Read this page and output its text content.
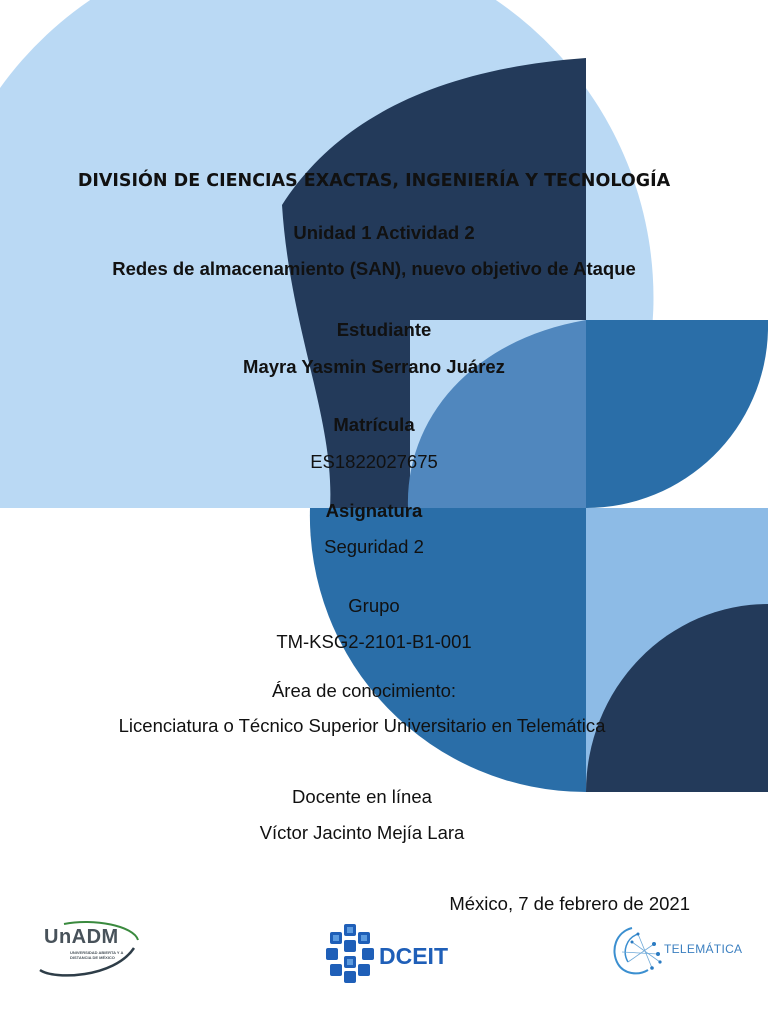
DIVISIÓN DE CIENCIAS EXACTAS, INGENIERÍA Y TECNOLOGÍA
Unidad 1 Actividad 2
Redes de almacenamiento (SAN), nuevo objetivo de Ataque
Estudiante
Mayra Yasmin Serrano Juárez
Matrícula
ES1822027675
Asignatura
Seguridad 2
Grupo
TM-KSG2-2101-B1-001
Área de conocimiento:
Licenciatura o Técnico Superior Universitario en Telemática
Docente en línea
Víctor Jacinto Mejía Lara
México, 7 de febrero de 2021
UnADM
UNIVERSIDAD ABIERTA Y A DISTANCIA DE MÉXICO	DCEIT	TELEMÁTICA
